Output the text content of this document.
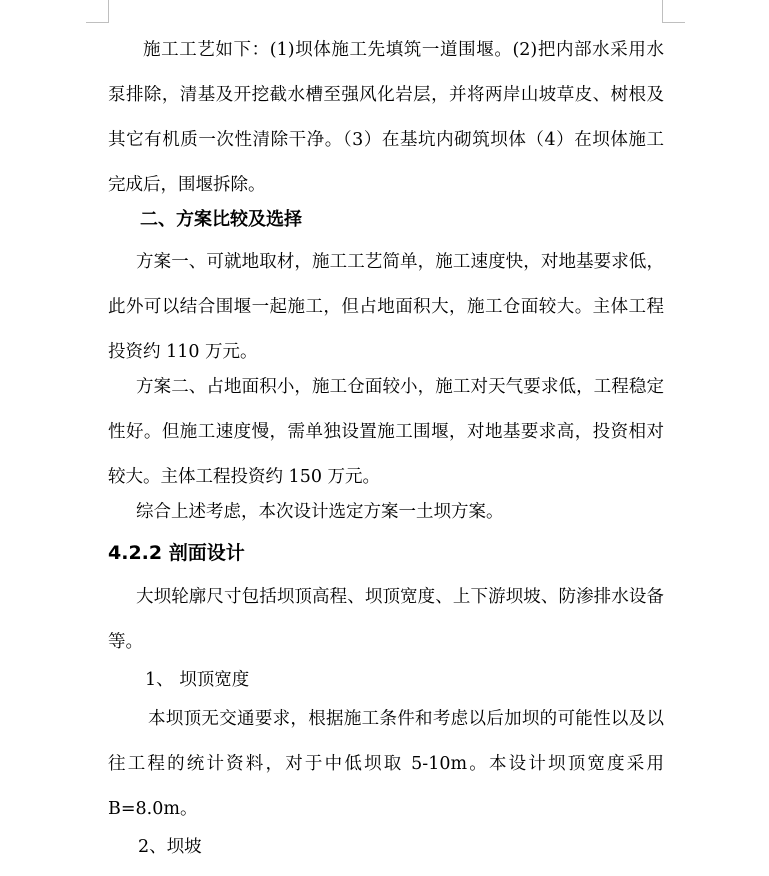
施工工艺如下：(1)坝体施工先填筑一道围堰。(2)把内部水采用水泵排除，清基及开挖截水槽至强风化岩层，并将两岸山坡草皮、树根及其它有机质一次性清除干净。（3）在基坑内砌筑坝体（4）在坝体施工完成后，围堰拆除。

二、方案比较及选择

方案一、可就地取材，施工工艺简单，施工速度快，对地基要求低，此外可以结合围堰一起施工，但占地面积大，施工仓面较大。主体工程投资约 110 万元。

方案二、占地面积小，施工仓面较小，施工对天气要求低，工程稳定性好。但施工速度慢，需单独设置施工围堰，对地基要求高，投资相对较大。主体工程投资约 150 万元。

综合上述考虑，本次设计选定方案一土坝方案。

4.2.2 剖面设计

大坝轮廓尺寸包括坝顶高程、坝顶宽度、上下游坝坡、防渗排水设备等。

1、 坝顶宽度

本坝顶无交通要求，根据施工条件和考虑以后加坝的可能性以及以往工程的统计资料，对于中低坝取 5-10m。本设计坝顶宽度采用 B=8.0m。

2、坝坡
